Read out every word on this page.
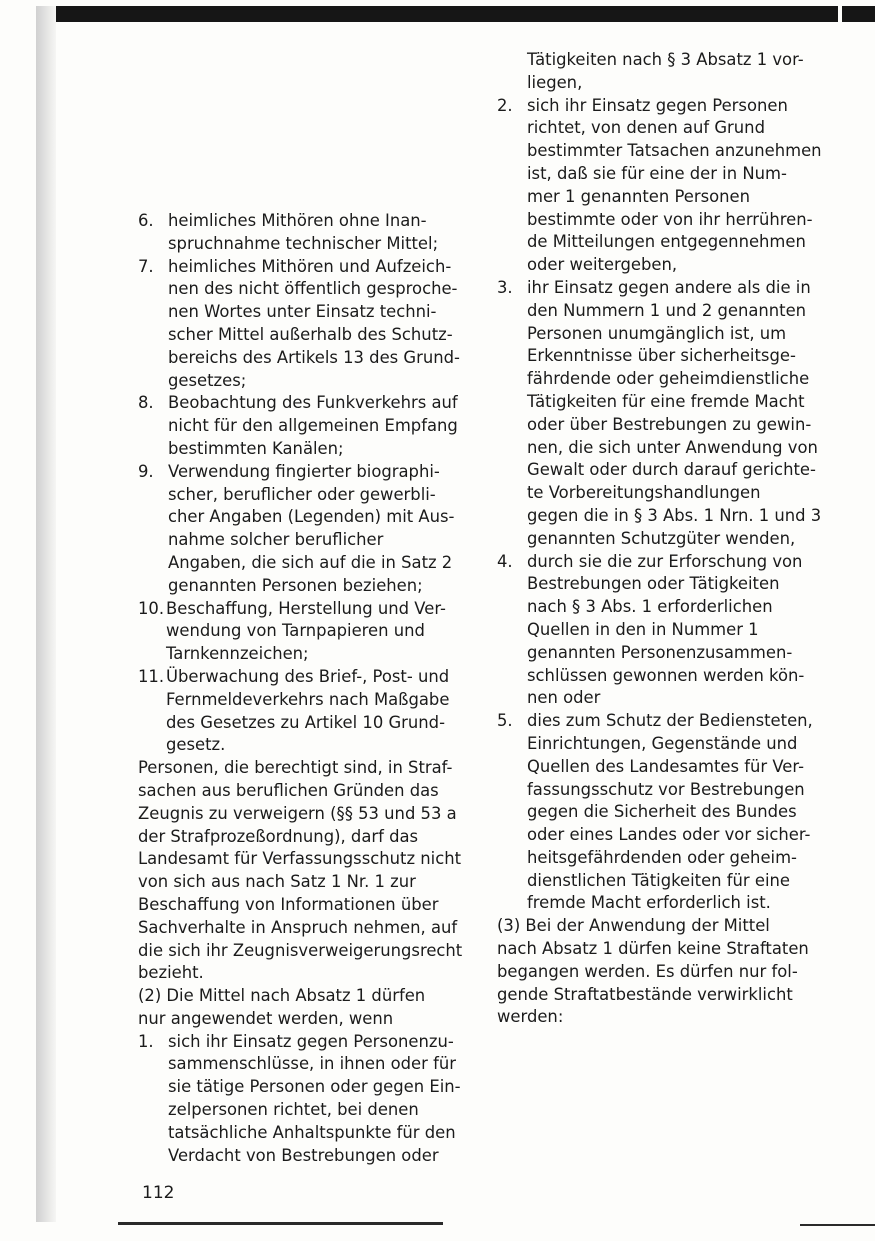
6. heimliches Mithören ohne Inan-
spruchnahme technischer Mittel;
7. heimliches Mithören und Aufzeich-
nen des nicht öffentlich gesproche-
nen Wortes unter Einsatz techni-
scher Mittel außerhalb des Schutz-
bereichs des Artikels 13 des Grund-
gesetzes;
8. Beobachtung des Funkverkehrs auf
nicht für den allgemeinen Empfang
bestimmten Kanälen;
9. Verwendung fingierter biographi-
scher, beruflicher oder gewerbli-
cher Angaben (Legenden) mit Aus-
nahme solcher beruflicher
Angaben, die sich auf die in Satz 2
genannten Personen beziehen;
10. Beschaffung, Herstellung und Ver-
wendung von Tarnpapieren und
Tarnkennzeichen;
11. Überwachung des Brief-, Post- und
Fernmeldeverkehrs nach Maßgabe
des Gesetzes zu Artikel 10 Grund-
gesetz.
Personen, die berechtigt sind, in Straf-
sachen aus beruflichen Gründen das
Zeugnis zu verweigern (§§ 53 und 53 a
der Strafprozeßordnung), darf das
Landesamt für Verfassungsschutz nicht
von sich aus nach Satz 1 Nr. 1 zur
Beschaffung von Informationen über
Sachverhalte in Anspruch nehmen, auf
die sich ihr Zeugnisverweigerungsrecht
bezieht.
(2) Die Mittel nach Absatz 1 dürfen
nur angewendet werden, wenn
1. sich ihr Einsatz gegen Personenzu-
sammenschlüsse, in ihnen oder für
sie tätige Personen oder gegen Ein-
zelpersonen richtet, bei denen
tatsächliche Anhaltspunkte für den
Verdacht von Bestrebungen oder
Tätigkeiten nach § 3 Absatz 1 vor-
liegen,
2. sich ihr Einsatz gegen Personen
richtet, von denen auf Grund
bestimmter Tatsachen anzunehmen
ist, daß sie für eine der in Num-
mer 1 genannten Personen
bestimmte oder von ihr herrühren-
de Mitteilungen entgegennehmen
oder weitergeben,
3. ihr Einsatz gegen andere als die in
den Nummern 1 und 2 genannten
Personen unumgänglich ist, um
Erkenntnisse über sicherheitsge-
fährdende oder geheimdienstliche
Tätigkeiten für eine fremde Macht
oder über Bestrebungen zu gewin-
nen, die sich unter Anwendung von
Gewalt oder durch darauf gerichte-
te Vorbereitungshandlungen
gegen die in § 3 Abs. 1 Nrn. 1 und 3
genannten Schutzgüter wenden,
4. durch sie die zur Erforschung von
Bestrebungen oder Tätigkeiten
nach § 3 Abs. 1 erforderlichen
Quellen in den in Nummer 1
genannten Personenzusammen-
schlüssen gewonnen werden kön-
nen oder
5. dies zum Schutz der Bediensteten,
Einrichtungen, Gegenstände und
Quellen des Landesamtes für Ver-
fassungsschutz vor Bestrebungen
gegen die Sicherheit des Bundes
oder eines Landes oder vor sicher-
heitsgefährdenden oder geheim-
dienstlichen Tätigkeiten für eine
fremde Macht erforderlich ist.
(3) Bei der Anwendung der Mittel
nach Absatz 1 dürfen keine Straftaten
begangen werden. Es dürfen nur fol-
gende Straftatbestände verwirklicht
werden:
112
